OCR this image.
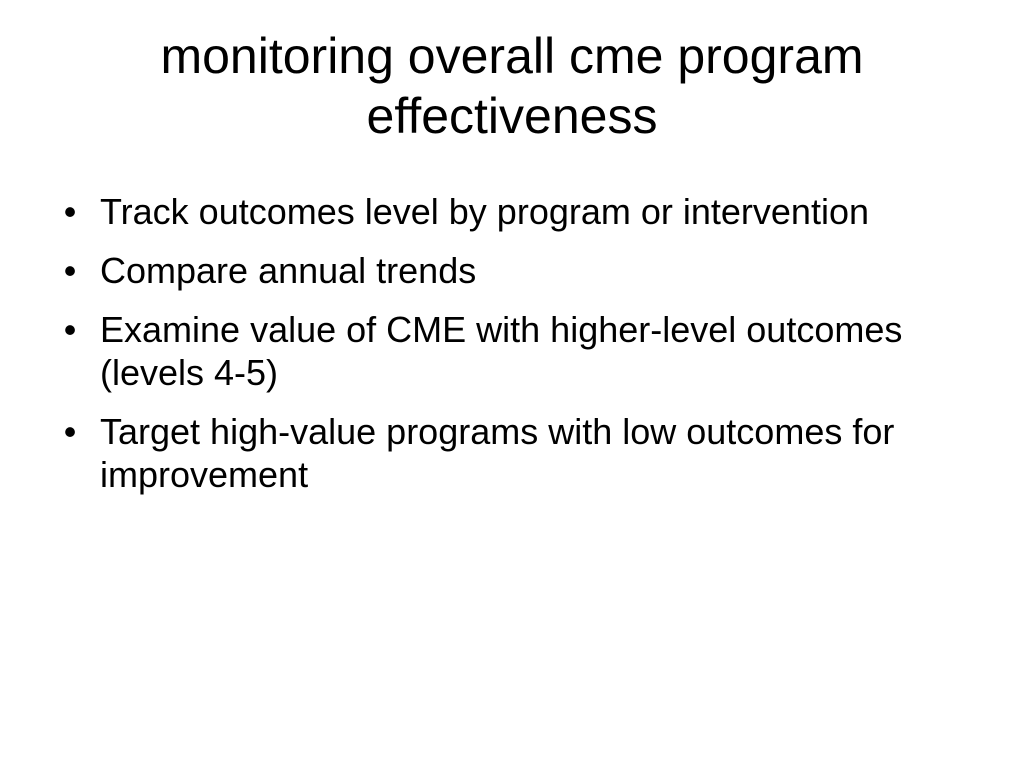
monitoring overall cme program effectiveness
• Track outcomes level by program or intervention
• Compare annual trends
• Examine value of CME with higher-level outcomes (levels 4-5)
• Target high-value programs with low outcomes for improvement
